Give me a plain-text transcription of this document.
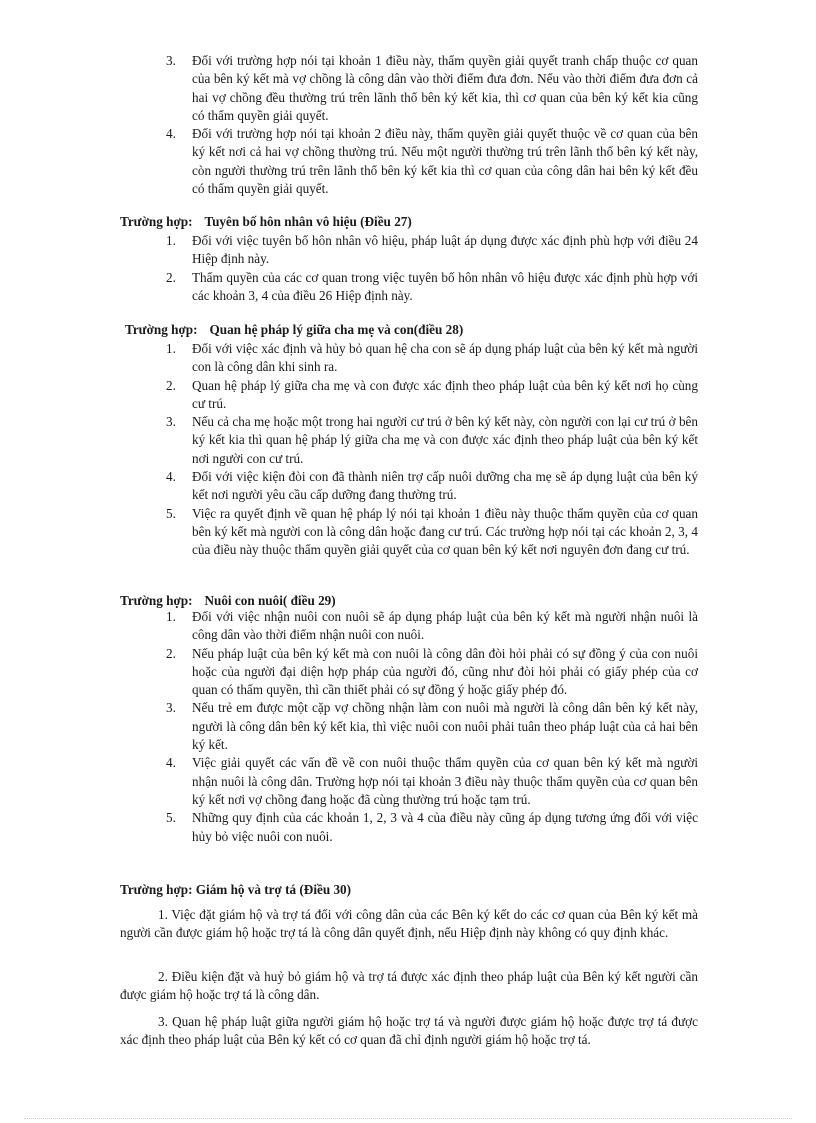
3. Đối với trường hợp nói tại khoản 1 điều này, thẩm quyền giải quyết tranh chấp thuộc cơ quan của bên ký kết mà vợ chồng là công dân vào thời điểm đưa đơn. Nếu vào thời điểm đưa đơn cả hai vợ chồng đều thường trú trên lãnh thổ bên ký kết kia, thì cơ quan của bên ký kết kia cũng có thẩm quyền giải quyết.
4. Đối với trường hợp nói tại khoản 2 điều này, thẩm quyền giải quyết thuộc về cơ quan của bên ký kết nơi cả hai vợ chồng thường trú. Nếu một người thường trú trên lãnh thổ bên ký kết này, còn người thường trú trên lãnh thổ bên ký kết kia thì cơ quan của công dân hai bên ký kết đều có thẩm quyền giải quyết.
Trường hợp: Tuyên bố hôn nhân vô hiệu (Điều 27)
1. Đối với việc tuyên bố hôn nhân vô hiệu, pháp luật áp dụng được xác định phù hợp với điều 24 Hiệp định này.
2. Thẩm quyền của các cơ quan trong việc tuyên bố hôn nhân vô hiệu được xác định phù hợp với các khoản 3, 4 của điều 26 Hiệp định này.
Trường hợp: Quan hệ pháp lý giữa cha mẹ và con(điều 28)
1. Đối với việc xác định và hủy bỏ quan hệ cha con sẽ áp dụng pháp luật của bên ký kết mà người con là công dân khi sinh ra.
2. Quan hệ pháp lý giữa cha mẹ và con được xác định theo pháp luật của bên ký kết nơi họ cùng cư trú.
3. Nếu cả cha mẹ hoặc một trong hai người cư trú ở bên ký kết này, còn người con lại cư trú ở bên ký kết kia thì quan hệ pháp lý giữa cha mẹ và con được xác định theo pháp luật của bên ký kết nơi người con cư trú.
4. Đối với việc kiện đòi con đã thành niên trợ cấp nuôi dưỡng cha mẹ sẽ áp dụng luật của bên ký kết nơi người yêu cầu cấp dưỡng đang thường trú.
5. Việc ra quyết định về quan hệ pháp lý nói tại khoản 1 điều này thuộc thẩm quyền của cơ quan bên ký kết mà người con là công dân hoặc đang cư trú. Các trường hợp nói tại các khoản 2, 3, 4 của điều này thuộc thẩm quyền giải quyết của cơ quan bên ký kết nơi nguyên đơn đang cư trú.
Trường hợp: Nuôi con nuôi( điều 29)
1. Đối với việc nhận nuôi con nuôi sẽ áp dụng pháp luật của bên ký kết mà người nhận nuôi là công dân vào thời điểm nhận nuôi con nuôi.
2. Nếu pháp luật của bên ký kết mà con nuôi là công dân đòi hỏi phải có sự đồng ý của con nuôi hoặc của người đại diện hợp pháp của người đó, cũng như đòi hỏi phải có giấy phép của cơ quan có thẩm quyền, thì cần thiết phải có sự đồng ý hoặc giấy phép đó.
3. Nếu trẻ em được một cặp vợ chồng nhận làm con nuôi mà người là công dân bên ký kết này, người là công dân bên ký kết kia, thì việc nuôi con nuôi phải tuân theo pháp luật của cả hai bên ký kết.
4. Việc giải quyết các vấn đề về con nuôi thuộc thẩm quyền của cơ quan bên ký kết mà người nhận nuôi là công dân. Trường hợp nói tại khoản 3 điều này thuộc thẩm quyền của cơ quan bên ký kết nơi vợ chồng đang hoặc đã cùng thường trú hoặc tạm trú.
5. Những quy định của các khoản 1, 2, 3 và 4 của điều này cũng áp dụng tương ứng đối với việc hủy bỏ việc nuôi con nuôi.
Trường hợp: Giám hộ và trợ tá (Điều 30)

1. Việc đặt giám hộ và trợ tá đối với công dân của các Bên ký kết do các cơ quan của Bên ký kết mà người cần được giám hộ hoặc trợ tá là công dân quyết định, nếu Hiệp định này không có quy định khác.

2. Điều kiện đặt và huỷ bỏ giám hộ và trợ tá được xác định theo pháp luật của Bên ký kết người cần được giám hộ hoặc trợ tá là công dân.

3. Quan hệ pháp luật giữa người giám hộ hoặc trợ tá và người được giám hộ hoặc được trợ tá được xác định theo pháp luật của Bên ký kết có cơ quan đã chỉ định người giám hộ hoặc trợ tá.
